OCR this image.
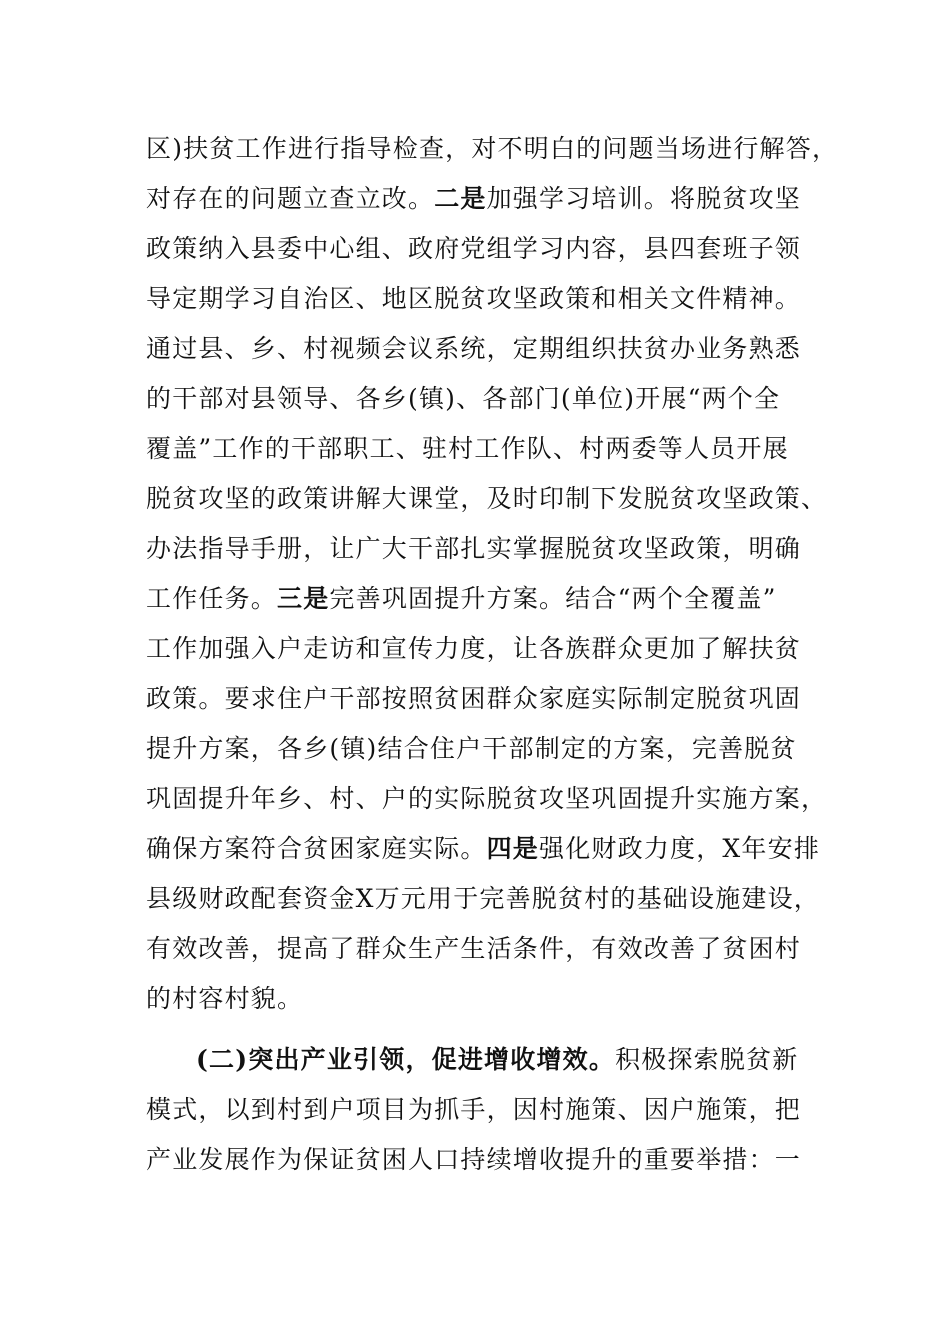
区)扶贫工作进行指导检查，对不明白的问题当场进行解答，
对存在的问题立查立改。二是加强学习培训。将脱贫攻坚
政策纳入县委中心组、政府党组学习内容，县四套班子领
导定期学习自治区、地区脱贫攻坚政策和相关文件精神。
通过县、乡、村视频会议系统，定期组织扶贫办业务熟悉
的干部对县领导、各乡(镇)、各部门(单位)开展“两个全
覆盖”工作的干部职工、驻村工作队、村两委等人员开展
脱贫攻坚的政策讲解大课堂，及时印制下发脱贫攻坚政策、
办法指导手册，让广大干部扎实掌握脱贫攻坚政策，明确
工作任务。三是完善巩固提升方案。结合“两个全覆盖”
工作加强入户走访和宣传力度，让各族群众更加了解扶贫
政策。要求住户干部按照贫困群众家庭实际制定脱贫巩固
提升方案，各乡(镇)结合住户干部制定的方案，完善脱贫
巩固提升年乡、村、户的实际脱贫攻坚巩固提升实施方案，
确保方案符合贫困家庭实际。四是强化财政力度，X年安排
县级财政配套资金X万元用于完善脱贫村的基础设施建设，
有效改善，提高了群众生产生活条件，有效改善了贫困村
的村容村貌。
(二)突出产业引领，促进增收增效。积极探索脱贫新
模式，以到村到户项目为抓手，因村施策、因户施策，把
产业发展作为保证贫困人口持续增收提升的重要举措：一
